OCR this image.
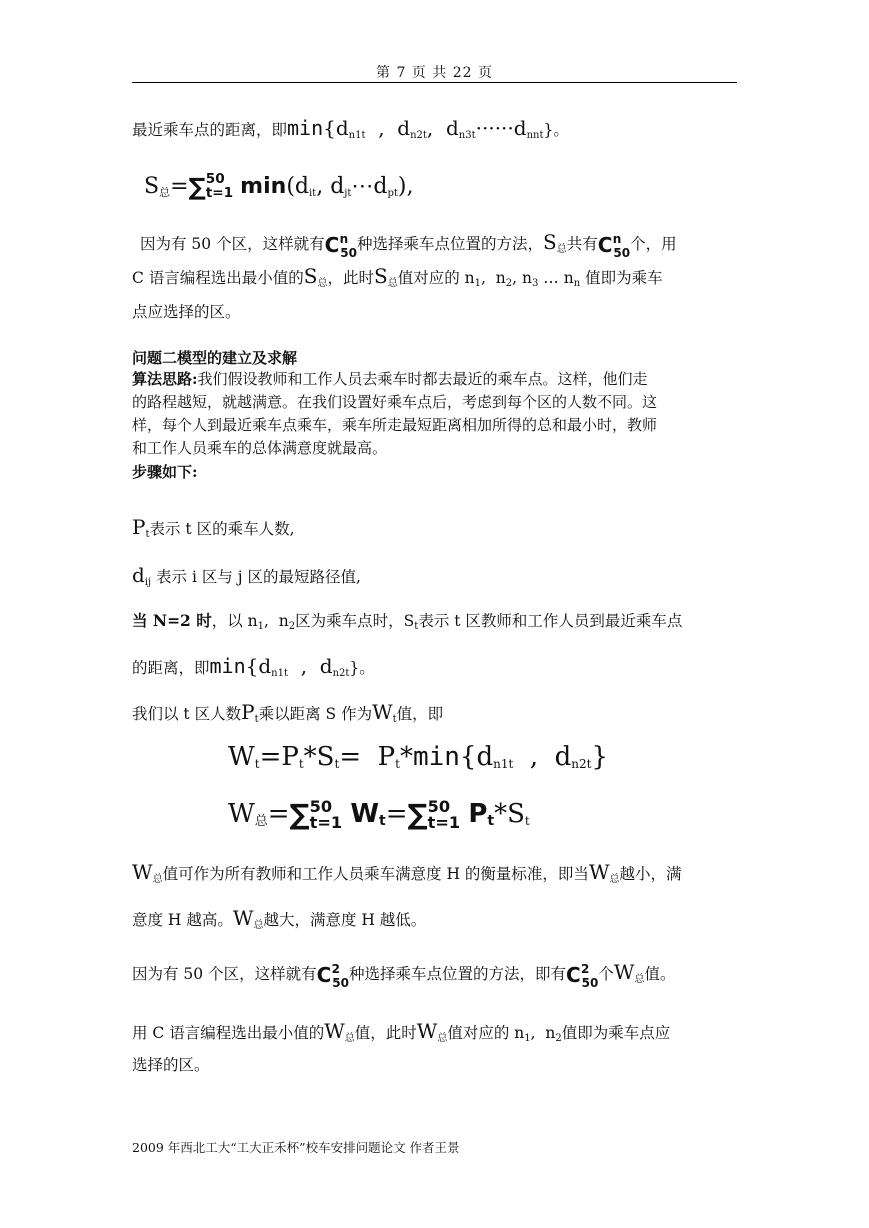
第 7 页 共 22 页
最近乘车点的距离，即$\min\{d_{n1t}$  ,  $d_{n2t}$,  $d_{n3t}\cdot\cdot\cdot\cdot\cdot\cdot d_{nnt}$}。
$S_总=\sum$ 50
t=1 $\min(d_{it}$, $d_{jt}\cdots d_{pt}$),
因为有 50 个区，这样就有C n
$_{50}$种选择乘车点位置的方法，$S_总$共有C n
$_{50}$个，用
C 语言编程选出最小值的$S_总$，此时$S_总$值对应的 $n_1$,  $n_2$, $n_3$ … $n_n$ 值即为乘车
点应选择的区。
问题二模型的建立及求解
算法思路:我们假设教师和工作人员去乘车时都去最近的乘车点。这样，他们走
的路程越短，就越满意。在我们设置好乘车点后，考虑到每个区的人数不同。这
样，每个人到最近乘车点乘车，乘车所走最短距离相加所得的总和最小时，教师
和工作人员乘车的总体满意度就最高。
步骤如下:
$P_t$表示 t 区的乘车人数,
$d_{ij}$ 表示 i 区与 j 区的最短路径值,
当 N=2 时，以 $n_1$,  $n_2$区为乘车点时，$S_t$表示 t 区教师和工作人员到最近乘车点
的距离，即$\min\{d_{n1t}$  ,  $d_{n2t}$}。
我们以 t 区人数$P_t$乘以距离 S 作为$W_t$值，即
$W_t=P_t*S_t= P_t*\min\{d_{n1t}$  ,  $d_{n2t}$}
$W_总=\sum$ 50
t=1 $W_t=\sum$ 50
t=1 $P_t*S_t$
$W_总$值可作为所有教师和工作人员乘车满意度 H 的衡量标准，即当$W_总$越小，满
意度 H 越高。$W_总$越大，满意度 H 越低。
因为有 50 个区，这样就有C 2
$_{50}$种选择乘车点位置的方法，即有C 2
$_{50}$个$W_总$值。
用 C 语言编程选出最小值的$W_总$值，此时$W_总$值对应的 $n_1$,  $n_2$值即为乘车点应
选择的区。
2009 年西北工大“工大正禾杯”校车安排问题论文 作者王景
